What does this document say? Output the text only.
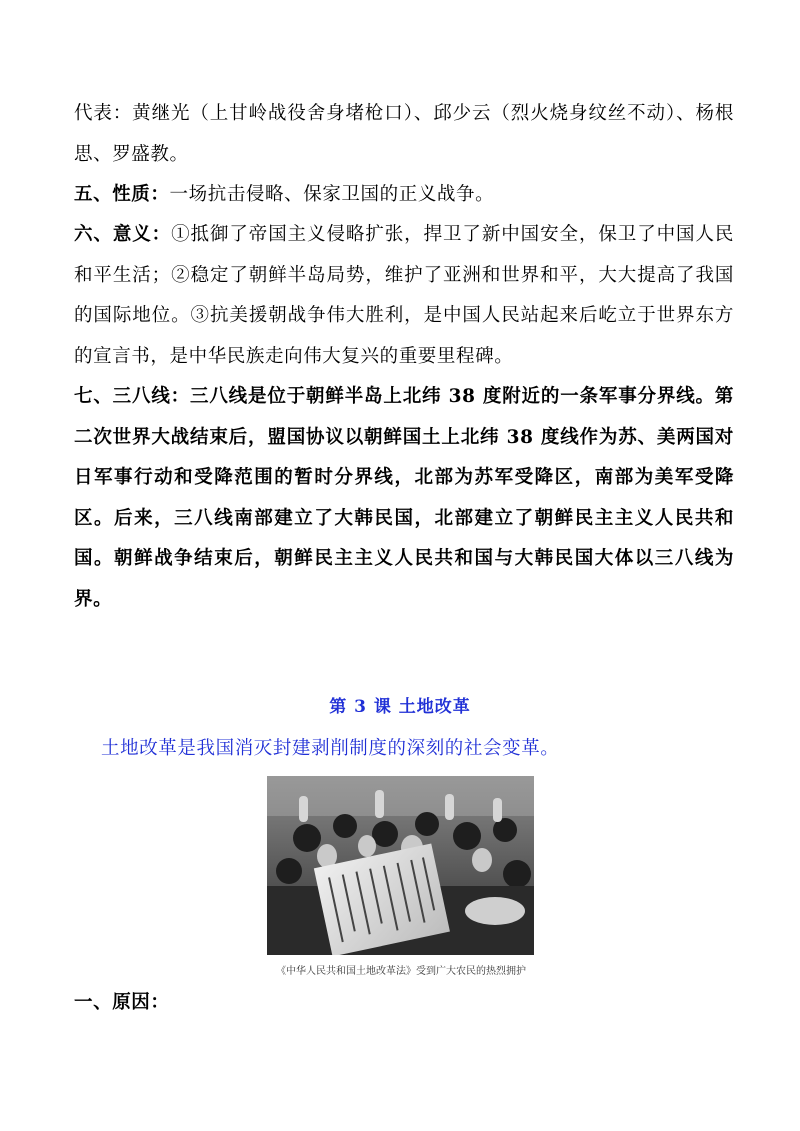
代表：黄继光（上甘岭战役舍身堵枪口）、邱少云（烈火烧身纹丝不动）、杨根思、罗盛教。

五、性质：一场抗击侵略、保家卫国的正义战争。

六、意义：①抵御了帝国主义侵略扩张，捍卫了新中国安全，保卫了中国人民和平生活；②稳定了朝鲜半岛局势，维护了亚洲和世界和平，大大提高了我国的国际地位。③抗美援朝战争伟大胜利，是中国人民站起来后屹立于世界东方的宣言书，是中华民族走向伟大复兴的重要里程碑。

七、三八线：三八线是位于朝鲜半岛上北纬 38 度附近的一条军事分界线。第二次世界大战结束后，盟国协议以朝鲜国土上北纬 38 度线作为苏、美两国对日军事行动和受降范围的暂时分界线，北部为苏军受降区，南部为美军受降区。后来，三八线南部建立了大韩民国，北部建立了朝鲜民主主义人民共和国。朝鲜战争结束后，朝鲜民主主义人民共和国与大韩民国大体以三八线为界。

第 3 课 土地改革
土地改革是我国消灭封建剥削制度的深刻的社会变革。
《中华人民共和国土地改革法》受到广大农民的热烈拥护
一、原因：
